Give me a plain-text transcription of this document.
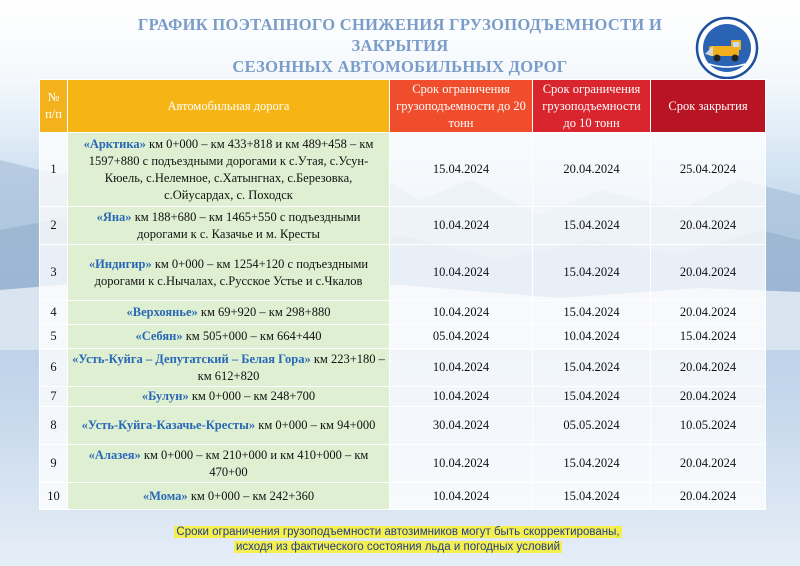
ГРАФИК ПОЭТАПНОГО СНИЖЕНИЯ ГРУЗОПОДЪЕМНОСТИ И ЗАКРЫТИЯ
СЕЗОННЫХ АВТОМОБИЛЬНЫХ ДОРОГ
№ п/п	Автомобильная дорога	Срок ограничения грузоподъемности до 20 тонн	Срок ограничения грузоподъемности до 10 тонн	Срок закрытия
1	«Арктика» км 0+000 – км 433+818 и км 489+458 – км 1597+880 с подъездными дорогами к с.Утая, с.Усун-Кюель, с.Нелемное, с.Хатынгнах, с.Березовка, с.Ойусардах, с. Походск	15.04.2024	20.04.2024	25.04.2024
2	«Яна» км 188+680 – км 1465+550 с подъездными дорогами к с. Казачье и м. Кресты	10.04.2024	15.04.2024	20.04.2024
3	«Индигир» км 0+000 – км 1254+120 с подъездными дорогами к с.Нычалах, с.Русское Устье и с.Чкалов	10.04.2024	15.04.2024	20.04.2024
4	«Верхоянье» км 69+920 – км 298+880	10.04.2024	15.04.2024	20.04.2024
5	«Себян» км 505+000 – км 664+440	05.04.2024	10.04.2024	15.04.2024
6	«Усть-Куйга – Депутатский – Белая Гора» км 223+180 – км 612+820	10.04.2024	15.04.2024	20.04.2024
7	«Булун» км 0+000 – км 248+700	10.04.2024	15.04.2024	20.04.2024
8	«Усть-Куйга-Казачье-Кресты» км 0+000 – км 94+000	30.04.2024	05.05.2024	10.05.2024
9	«Алазея» км 0+000 – км 210+000 и км 410+000 – км 470+00	10.04.2024	15.04.2024	20.04.2024
10	«Мома» км 0+000 – км 242+360	10.04.2024	15.04.2024	20.04.2024
Сроки ограничения грузоподъемности автозимников могут быть скорректированы,
исходя из фактического состояния льда и погодных условий
